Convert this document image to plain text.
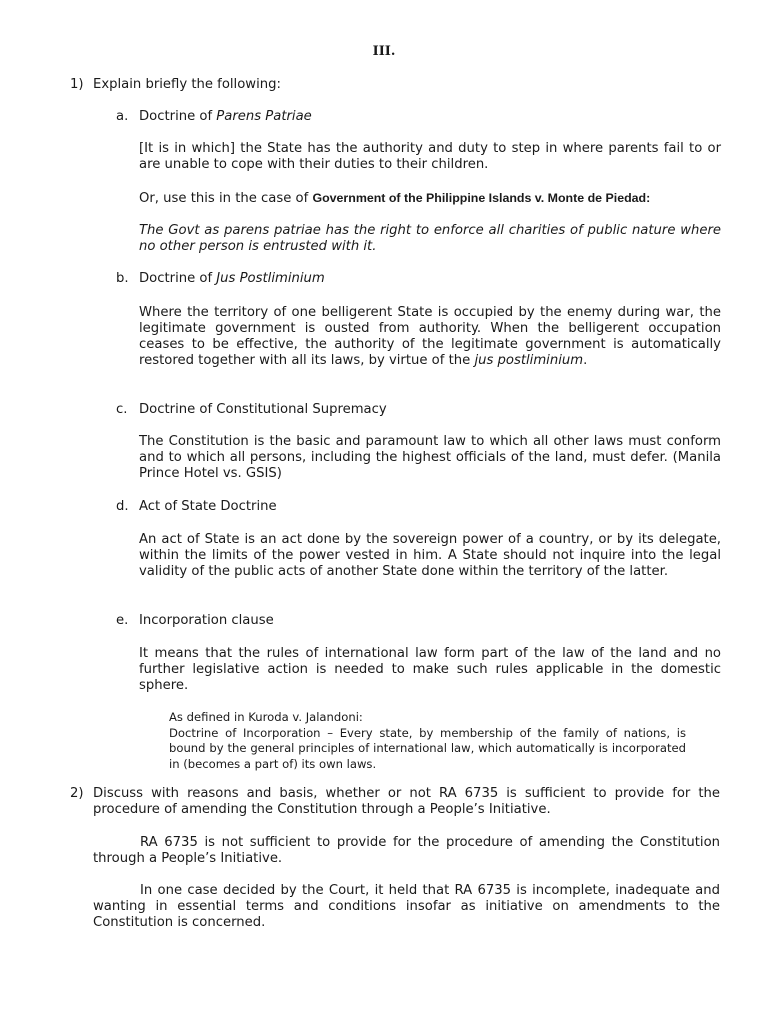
III.
1) Explain briefly the following:
a. Doctrine of Parens Patriae
[It is in which] the State has the authority and duty to step in where parents fail to or are unable to cope with their duties to their children.
Or, use this in the case of Government of the Philippine Islands v. Monte de Piedad:
The Govt as parens patriae has the right to enforce all charities of public nature where no other person is entrusted with it.
b. Doctrine of Jus Postliminium
Where the territory of one belligerent State is occupied by the enemy during war, the legitimate government is ousted from authority. When the belligerent occupation ceases to be effective, the authority of the legitimate government is automatically restored together with all its laws, by virtue of the jus postliminium.
c. Doctrine of Constitutional Supremacy
The Constitution is the basic and paramount law to which all other laws must conform and to which all persons, including the highest officials of the land, must defer. (Manila Prince Hotel vs. GSIS)
d. Act of State Doctrine
An act of State is an act done by the sovereign power of a country, or by its delegate, within the limits of the power vested in him. A State should not inquire into the legal validity of the public acts of another State done within the territory of the latter.
e. Incorporation clause
It means that the rules of international law form part of the law of the land and no further legislative action is needed to make such rules applicable in the domestic sphere.
As defined in Kuroda v. Jalandoni:
Doctrine of Incorporation – Every state, by membership of the family of nations, is bound by the general principles of international law, which automatically is incorporated in (becomes a part of) its own laws.
2) Discuss with reasons and basis, whether or not RA 6735 is sufficient to provide for the procedure of amending the Constitution through a People’s Initiative.
RA 6735 is not sufficient to provide for the procedure of amending the Constitution through a People’s Initiative.
In one case decided by the Court, it held that RA 6735 is incomplete, inadequate and wanting in essential terms and conditions insofar as initiative on amendments to the Constitution is concerned.
